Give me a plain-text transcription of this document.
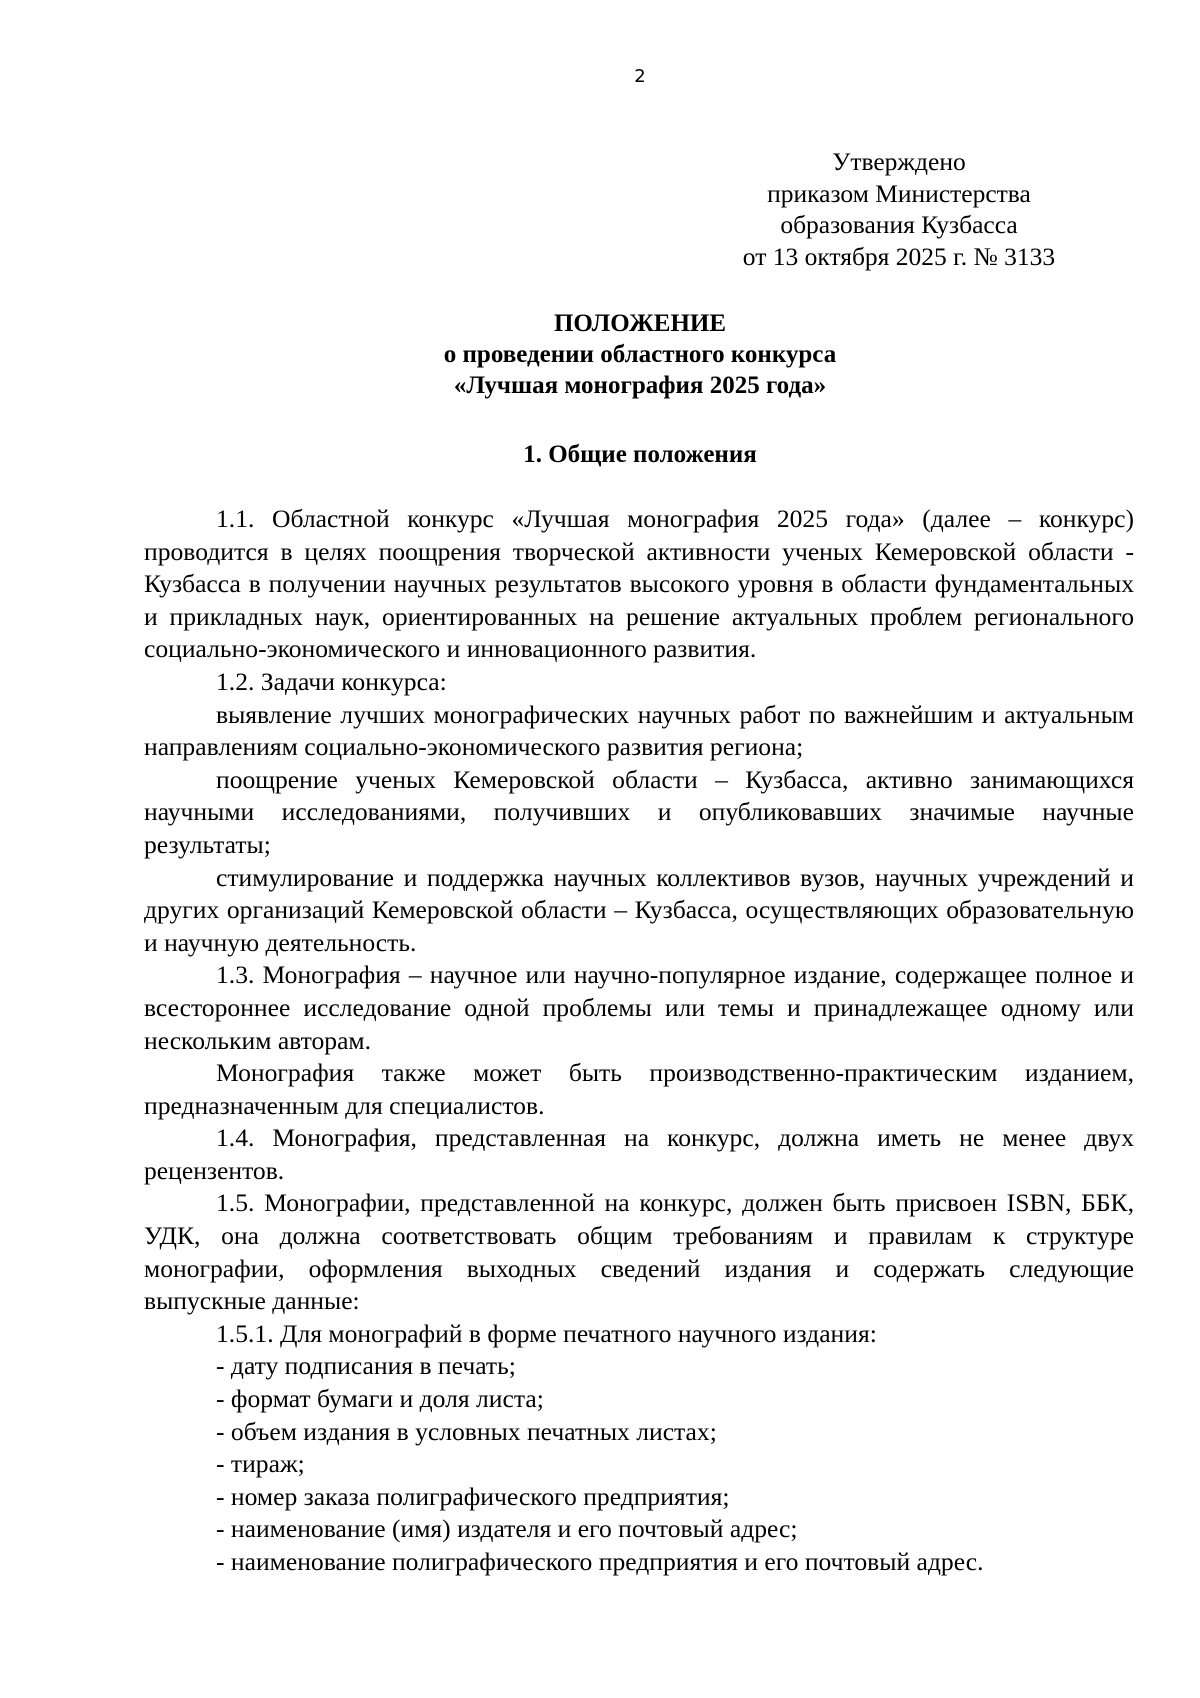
2
Утверждено
приказом Министерства
образования Кузбасса
от 13 октября 2025 г. № 3133
ПОЛОЖЕНИЕ
о проведении областного конкурса
«Лучшая монография 2025 года»
1. Общие положения

1.1. Областной конкурс «Лучшая монография 2025 года» (далее – конкурс) проводится в целях поощрения творческой активности ученых Кемеровской области - Кузбасса в получении научных результатов высокого уровня в области фундаментальных и прикладных наук, ориентированных на решение актуальных проблем регионального социально-экономического и инновационного развития.

1.2. Задачи конкурса:

выявление лучших монографических научных работ по важнейшим и актуальным направлениям социально-экономического развития региона;

поощрение ученых Кемеровской области – Кузбасса, активно занимающихся научными исследованиями, получивших и опубликовавших значимые научные результаты;

стимулирование и поддержка научных коллективов вузов, научных учреждений и других организаций Кемеровской области – Кузбасса, осуществляющих образовательную и научную деятельность.

1.3. Монография – научное или научно-популярное издание, содержащее полное и всестороннее исследование одной проблемы или темы и принадлежащее одному или нескольким авторам.

Монография также может быть производственно-практическим изданием, предназначенным для специалистов.

1.4. Монография, представленная на конкурс, должна иметь не менее двух рецензентов.

1.5. Монографии, представленной на конкурс, должен быть присвоен ISBN, ББК, УДК, она должна соответствовать общим требованиям и правилам к структуре монографии, оформления выходных сведений издания и содержать следующие выпускные данные:

1.5.1. Для монографий в форме печатного научного издания:

- дату подписания в печать;

- формат бумаги и доля листа;

- объем издания в условных печатных листах;

- тираж;

- номер заказа полиграфического предприятия;

- наименование (имя) издателя и его почтовый адрес;

- наименование полиграфического предприятия и его почтовый адрес.
